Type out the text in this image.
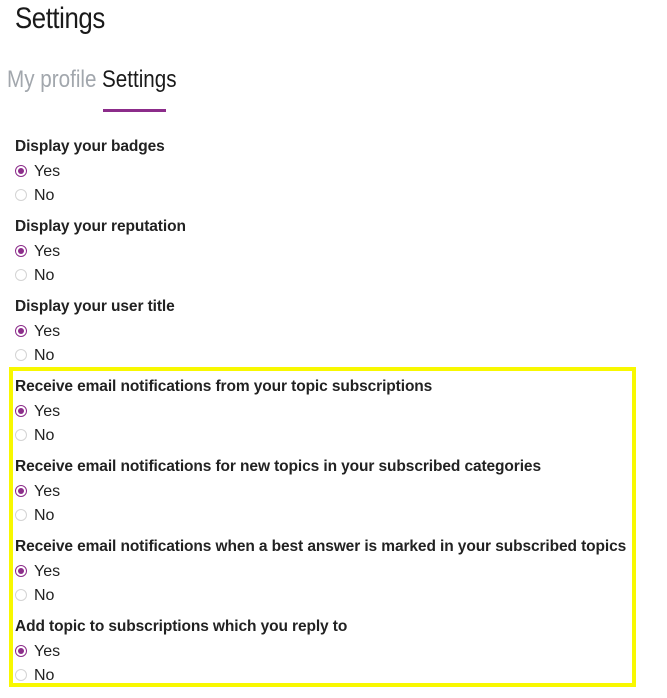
Settings
My profile Settings
Display your badges
Yes
No
Display your reputation
Yes
No
Display your user title
Yes
No
Receive email notifications from your topic subscriptions
Yes
No
Receive email notifications for new topics in your subscribed categories
Yes
No
Receive email notifications when a best answer is marked in your subscribed topics
Yes
No
Add topic to subscriptions which you reply to
Yes
No
